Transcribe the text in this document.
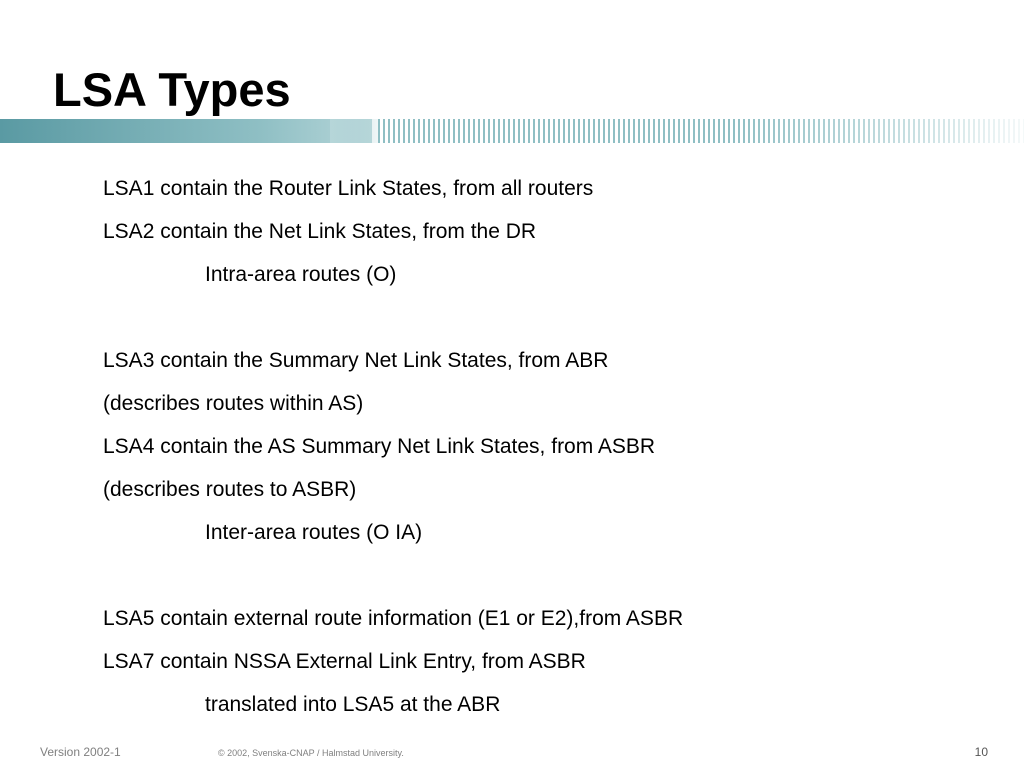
LSA Types
LSA1 contain the Router Link States, from all routers
LSA2 contain the Net Link States, from the DR
Intra-area routes (O)
LSA3 contain the Summary Net Link States, from ABR
(describes routes within AS)
LSA4 contain the AS Summary Net Link States, from ASBR
(describes routes to ASBR)
Inter-area routes (O IA)
LSA5 contain external route information (E1 or E2),from ASBR
LSA7 contain NSSA External Link Entry, from ASBR
translated into LSA5 at the ABR
Version 2002-1	© 2002, Svenska-CNAP / Halmstad University.	10
